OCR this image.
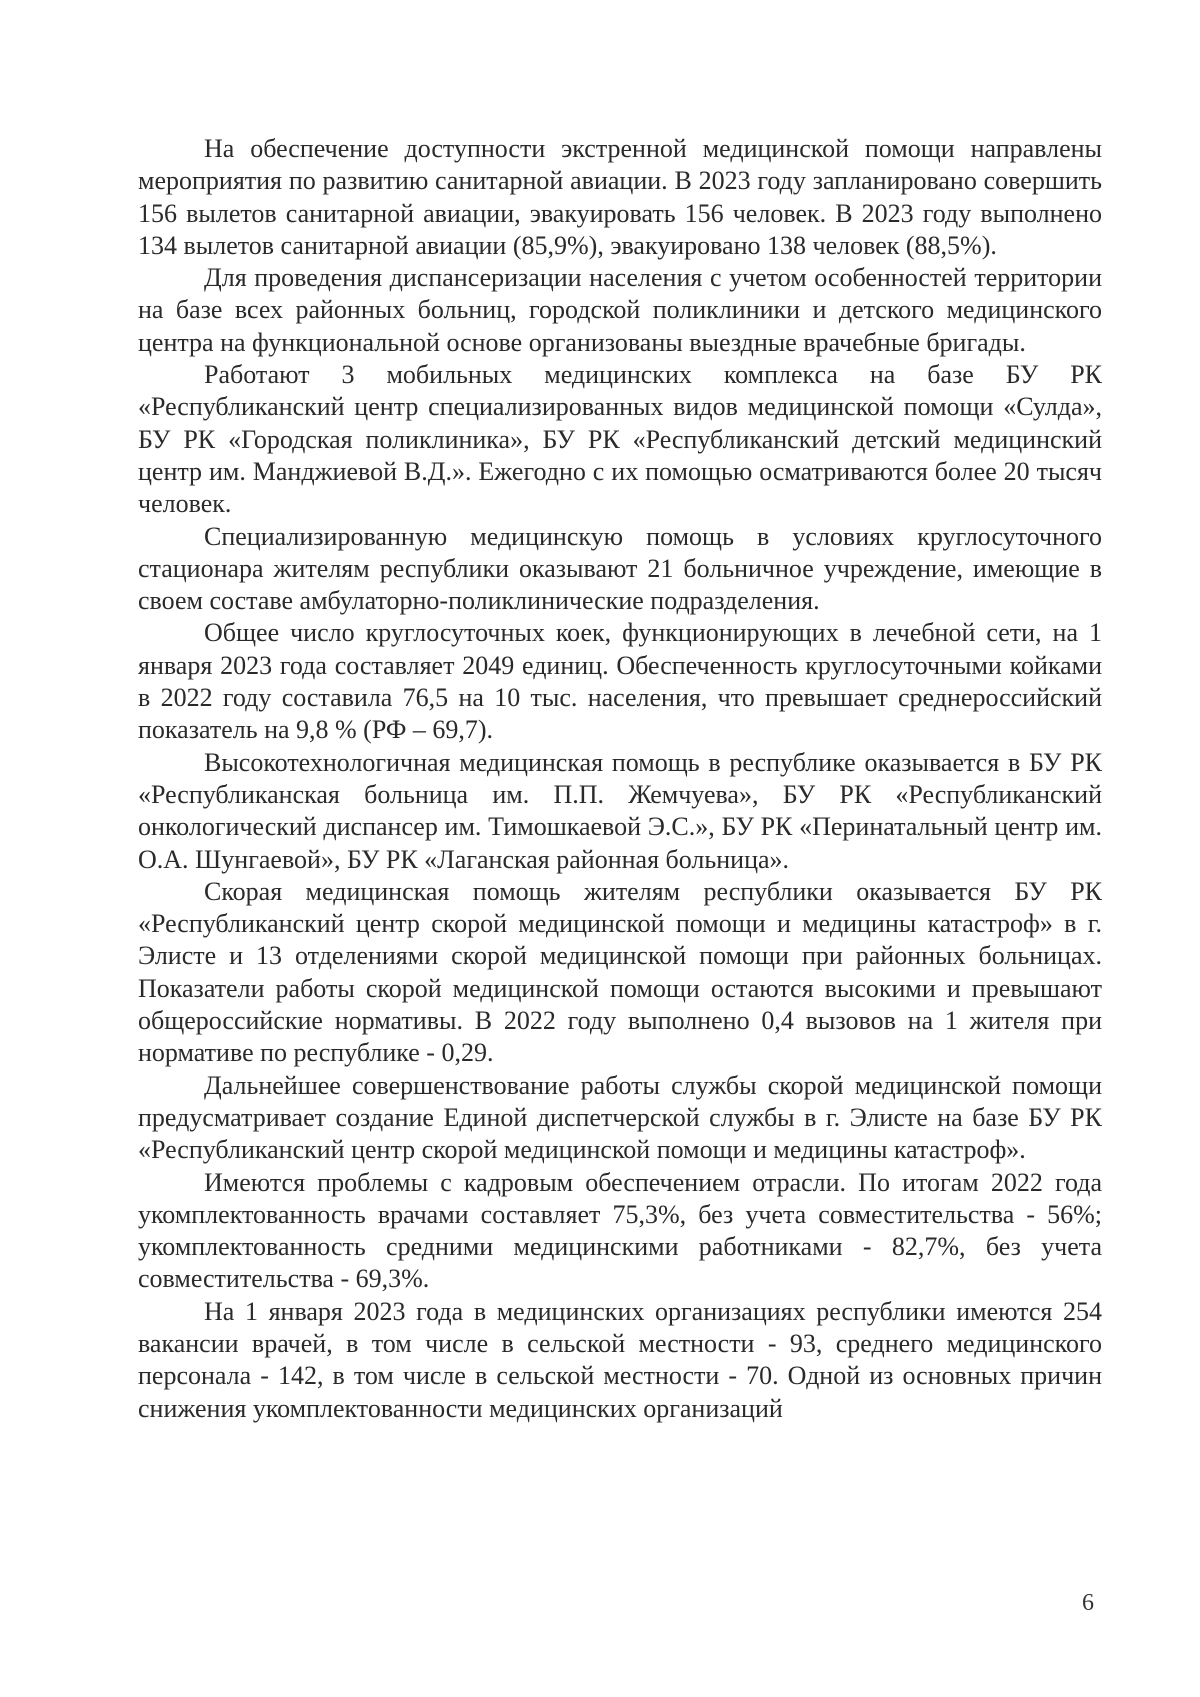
На обеспечение доступности экстренной медицинской помощи направлены мероприятия по развитию санитарной авиации. В 2023 году запланировано совершить 156 вылетов санитарной авиации, эвакуировать 156 человек. В 2023 году выполнено 134 вылетов санитарной авиации (85,9%), эвакуировано 138 человек (88,5%).

Для проведения диспансеризации населения с учетом особенностей территории на базе всех районных больниц, городской поликлиники и детского медицинского центра на функциональной основе организованы выездные врачебные бригады.

Работают 3 мобильных медицинских комплекса на базе БУ РК «Республиканский центр специализированных видов медицинской помощи «Сулда», БУ РК «Городская поликлиника», БУ РК «Республиканский детский медицинский центр им. Манджиевой В.Д.». Ежегодно с их помощью осматриваются более 20 тысяч человек.

Специализированную медицинскую помощь в условиях круглосуточного стационара жителям республики оказывают 21 больничное учреждение, имеющие в своем составе амбулаторно-поликлинические подразделения.

Общее число круглосуточных коек, функционирующих в лечебной сети, на 1 января 2023 года составляет 2049 единиц. Обеспеченность круглосуточными койками в 2022 году составила 76,5 на 10 тыс. населения, что превышает среднероссийский показатель на 9,8 % (РФ – 69,7).

Высокотехнологичная медицинская помощь в республике оказывается в БУ РК «Республиканская больница им. П.П. Жемчуева», БУ РК «Республиканский онкологический диспансер им. Тимошкаевой Э.С.», БУ РК «Перинатальный центр им. О.А. Шунгаевой», БУ РК «Лаганская районная больница».

Скорая медицинская помощь жителям республики оказывается БУ РК «Республиканский центр скорой медицинской помощи и медицины катастроф» в г. Элисте и 13 отделениями скорой медицинской помощи при районных больницах. Показатели работы скорой медицинской помощи остаются высокими и превышают общероссийские нормативы. В 2022 году выполнено 0,4 вызовов на 1 жителя при нормативе по республике - 0,29.

Дальнейшее совершенствование работы службы скорой медицинской помощи предусматривает создание Единой диспетчерской службы в г. Элисте на базе БУ РК «Республиканский центр скорой медицинской помощи и медицины катастроф».

Имеются проблемы с кадровым обеспечением отрасли. По итогам 2022 года укомплектованность врачами составляет 75,3%, без учета совместительства - 56%; укомплектованность средними медицинскими работниками - 82,7%, без учета совместительства - 69,3%.

На 1 января 2023 года в медицинских организациях республики имеются 254 вакансии врачей, в том числе в сельской местности - 93, среднего медицинского персонала - 142, в том числе в сельской местности - 70. Одной из основных причин снижения укомплектованности медицинских организаций

6
